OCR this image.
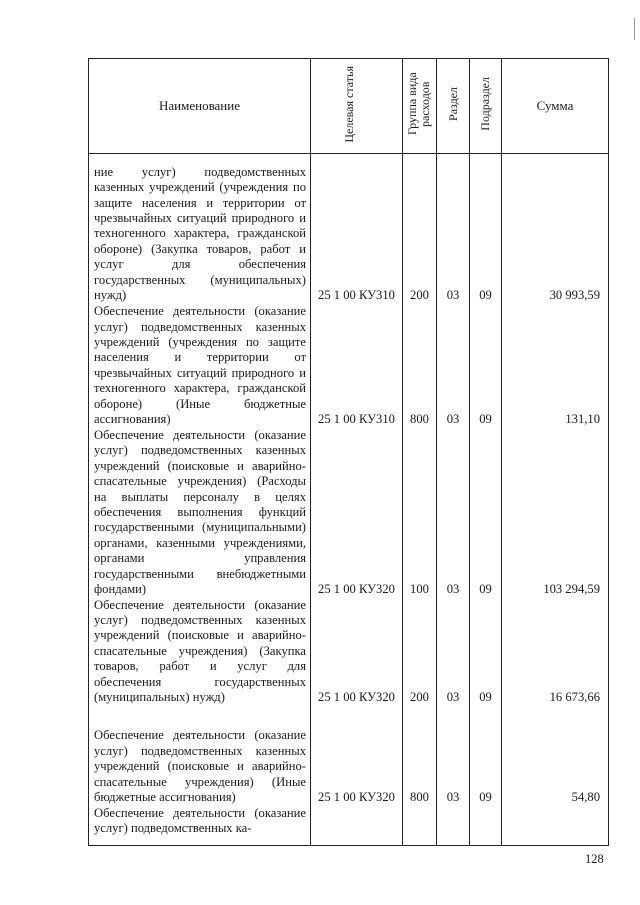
Наименование	Целевая статья	Группа вида расходов	Раздел	Подраздел	Сумма
ние услуг) подведомственных казенных учреждений (учреждения по защите населения и территории от чрезвычайных ситуаций природного и техногенного характера, гражданской обороне) (Закупка товаров, работ и услуг для обеспечения государственных (муниципальных) нужд)	25 1 00 КУ310	200	03	09	30 993,59
Обеспечение деятельности (оказание услуг) подведомственных казенных учреждений (учреждения по защите населения и территории от чрезвычайных ситуаций природного и техногенного характера, гражданской обороне) (Иные бюджетные ассигнования)	25 1 00 КУ310	800	03	09	131,10
Обеспечение деятельности (оказание услуг) подведомственных казенных учреждений (поисковые и аварийно-спасательные учреждения) (Расходы на выплаты персоналу в целях обеспечения выполнения функций государственными (муниципальными) органами, казенными учреждениями, органами управления государственными внебюджетными фондами)	25 1 00 КУ320	100	03	09	103 294,59
Обеспечение деятельности (оказание услуг) подведомственных казенных учреждений (поисковые и аварийно-спасательные учреждения) (Закупка товаров, работ и услуг для обеспечения государственных (муниципальных) нужд)	25 1 00 КУ320	200	03	09	16 673,66
Обеспечение деятельности (оказание услуг) подведомственных казенных учреждений (поисковые и аварийно-спасательные учреждения) (Иные бюджетные ассигнования)	25 1 00 КУ320	800	03	09	54,80
Обеспечение деятельности (оказание услуг) подведомственных ка-					
128
